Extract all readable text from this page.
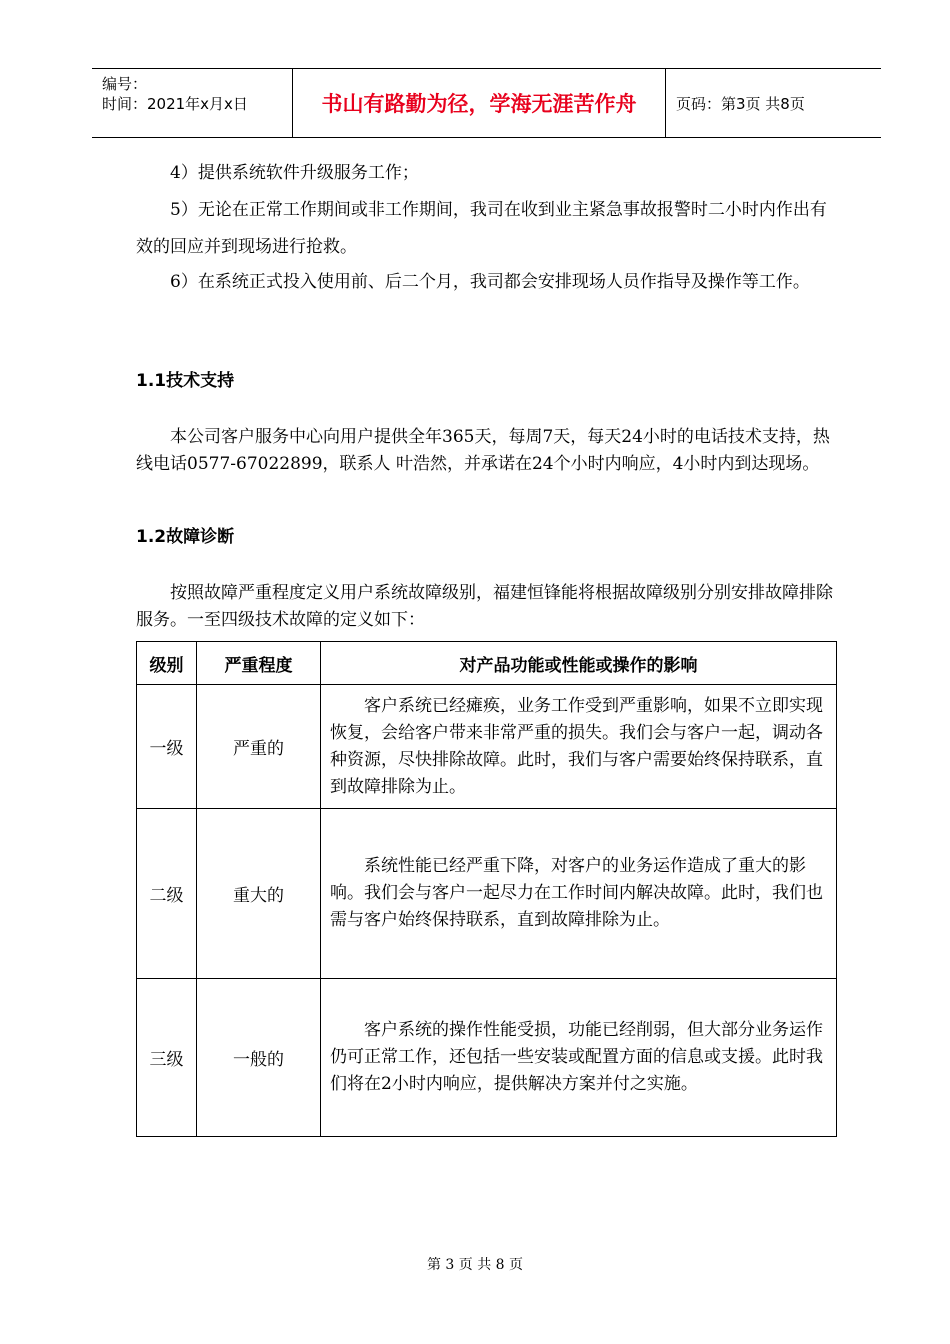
编号：
时间：2021年x月x日	书山有路勤为径，学海无涯苦作舟	页码：第3页 共8页
4）提供系统软件升级服务工作；
5）无论在正常工作期间或非工作期间，我司在收到业主紧急事故报警时二小时内作出有效的回应并到现场进行抢救。
6）在系统正式投入使用前、后二个月，我司都会安排现场人员作指导及操作等工作。
1.1技术支持
本公司客户服务中心向用户提供全年365天，每周7天，每天24小时的电话技术支持，热线电话0577-67022899，联系人 叶浩然，并承诺在24个小时内响应，4小时内到达现场。
1.2故障诊断
按照故障严重程度定义用户系统故障级别，福建恒锋能将根据故障级别分别安排故障排除服务。一至四级技术故障的定义如下：
级别	严重程度	对产品功能或性能或操作的影响
一级	严重的	客户系统已经瘫痪，业务工作受到严重影响，如果不立即实现恢复，会给客户带来非常严重的损失。我们会与客户一起，调动各种资源，尽快排除故障。此时，我们与客户需要始终保持联系，直到故障排除为止。

二级	重大的	系统性能已经严重下降，对客户的业务运作造成了重大的影响。我们会与客户一起尽力在工作时间内解决故障。此时，我们也需与客户始终保持联系，直到故障排除为止。

三级	一般的	客户系统的操作性能受损，功能已经削弱，但大部分业务运作仍可正常工作，还包括一些安装或配置方面的信息或支援。此时我们将在2小时内响应，提供解决方案并付之实施。
第 3 页 共 8 页
